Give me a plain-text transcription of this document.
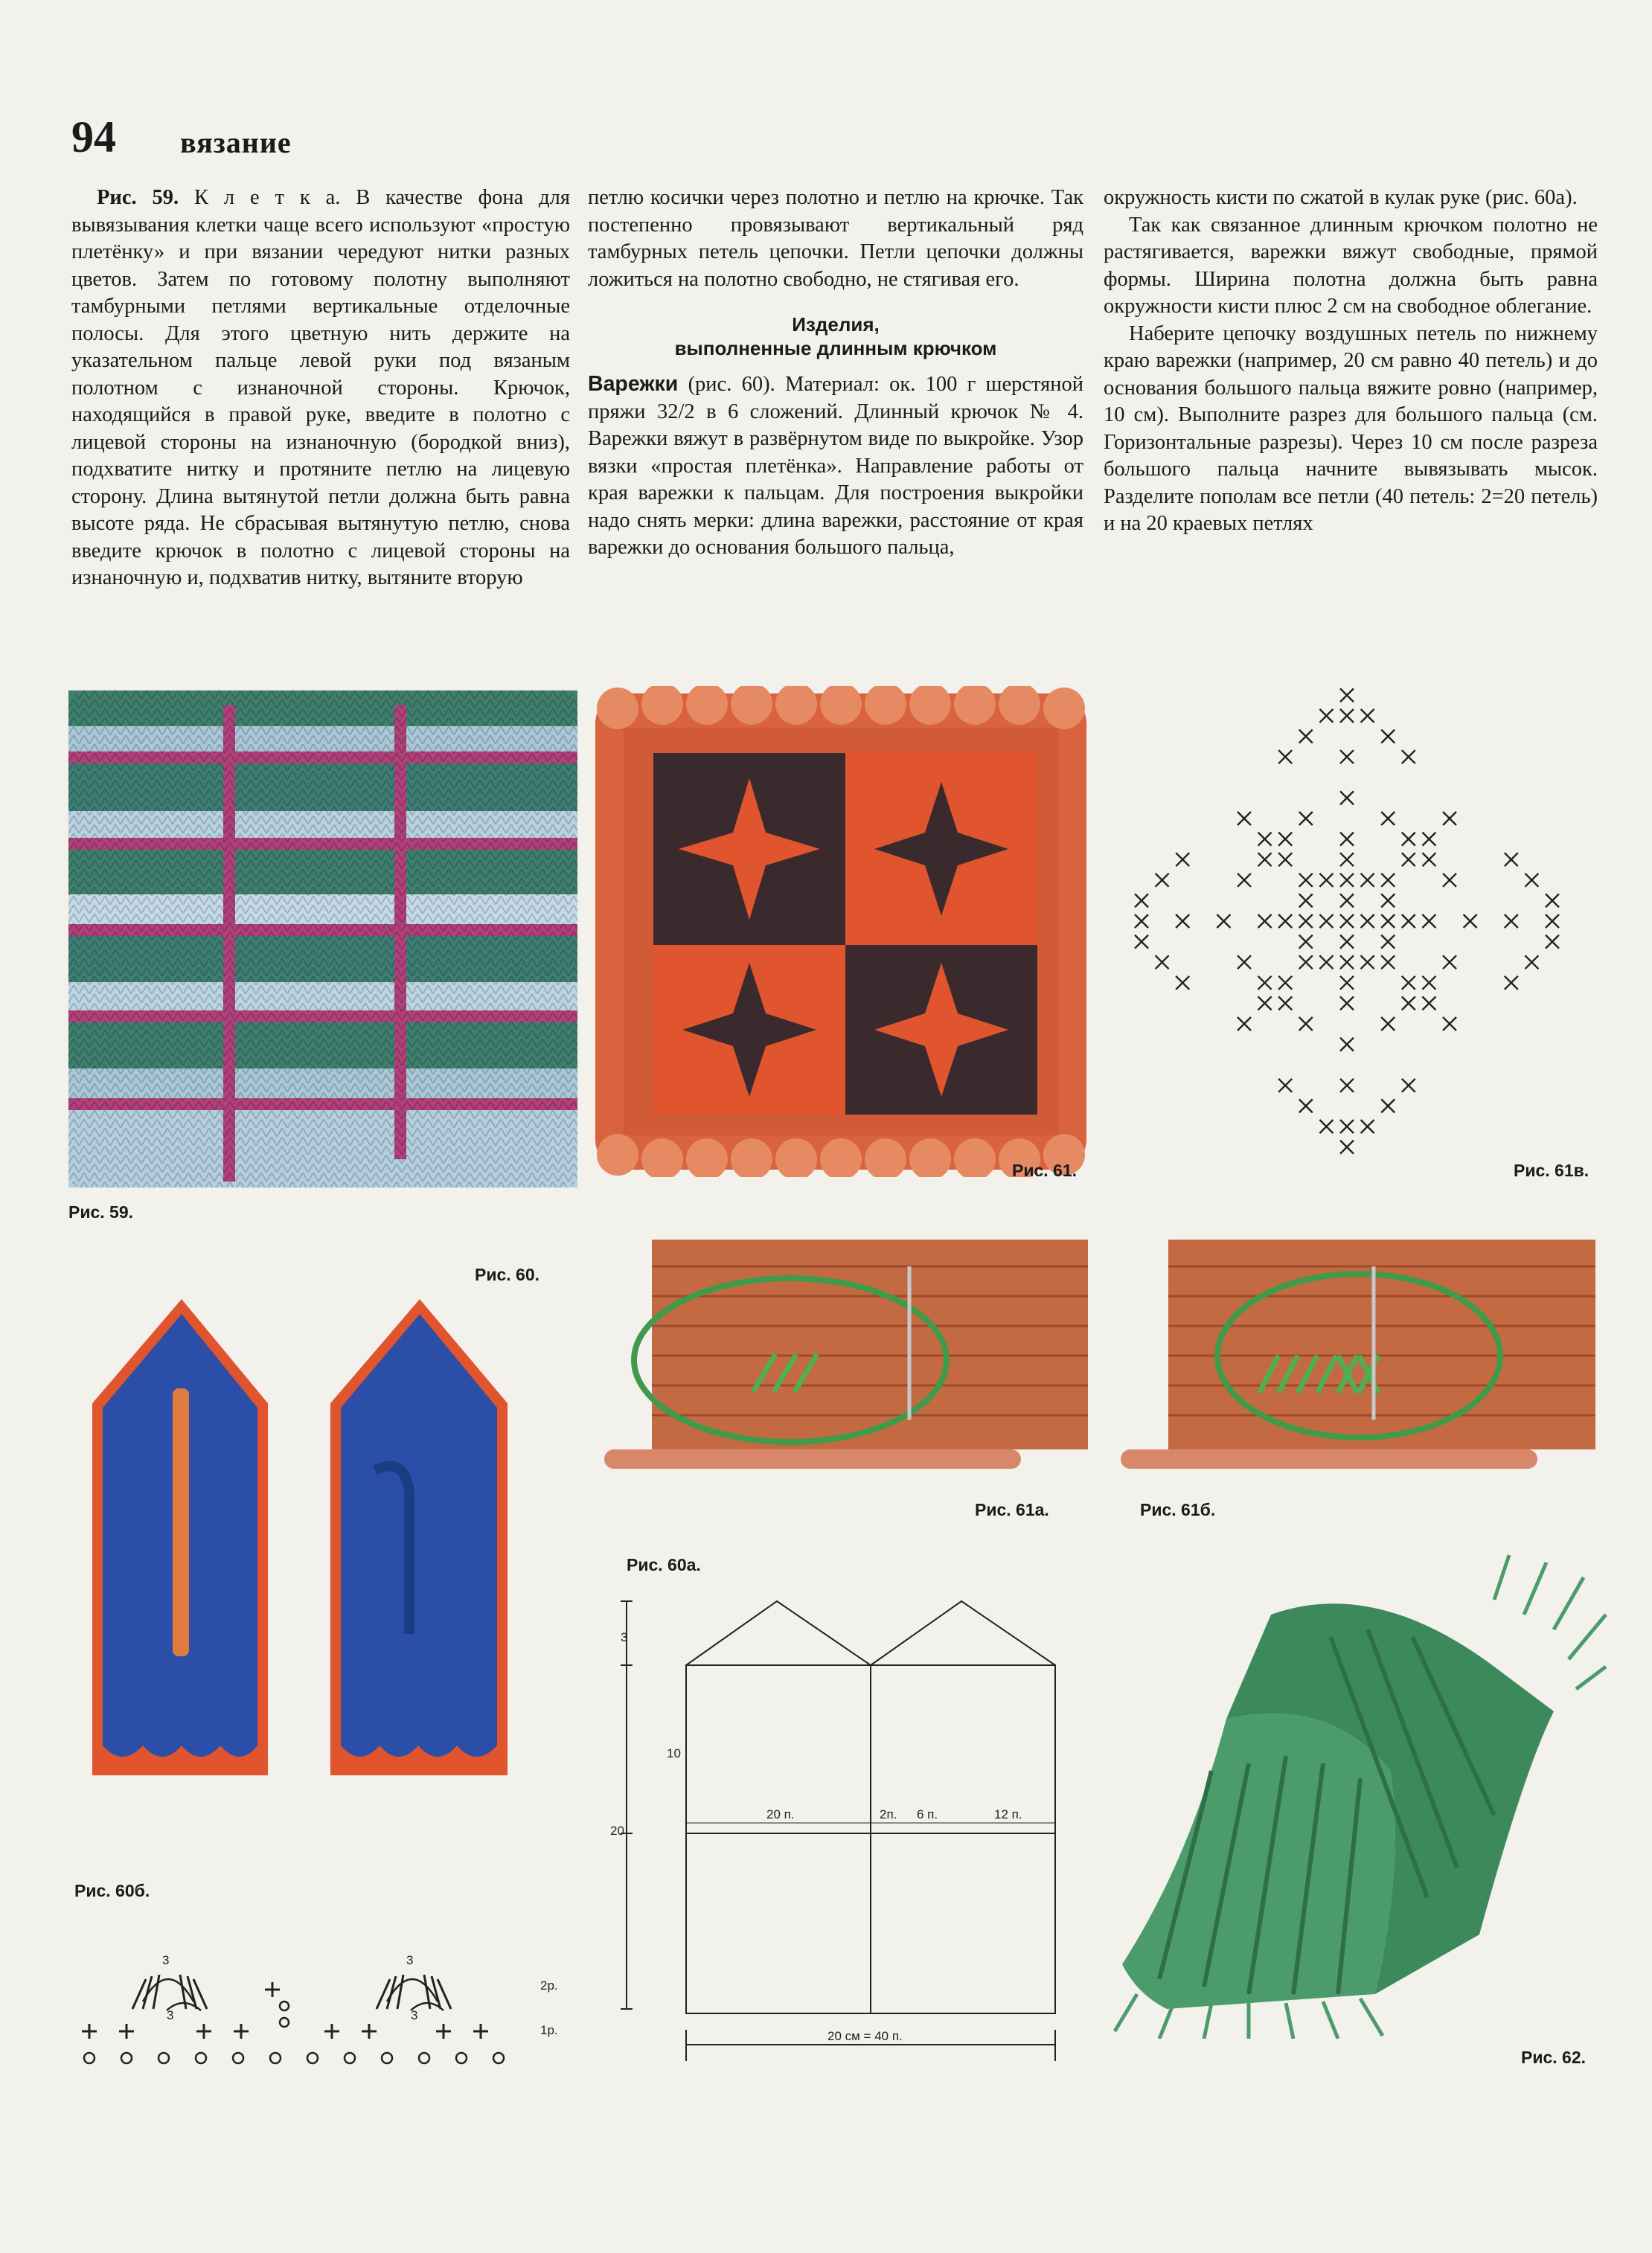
94 вязание

Рис. 59. К л е т к а. В качестве фона для вывязывания клетки чаще всего используют «простую плетёнку» и при вязании чередуют нитки разных цветов. Затем по готовому полотну выполняют тамбурными петлями вертикальные отделочные полосы. Для этого цветную нить держите на указательном пальце левой руки под вязаным полотном с изнаночной стороны. Крючок, находящийся в правой руке, введите в полотно с лицевой стороны на изнаночную (бородкой вниз), подхватите нитку и протяните петлю на лицевую сторону. Длина вытянутой петли должна быть равна высоте ряда. Не сбрасывая вытянутую петлю, снова введите крючок в полотно с лицевой стороны на изнаночную и, подхватив нитку, вытяните вторую

петлю косички через полотно и петлю на крючке. Так постепенно провязывают вертикальный ряд тамбурных петель цепочки. Петли цепочки должны ложиться на полотно свободно, не стягивая его.

Изделия,
выполненные длинным крючком

Варежки (рис. 60). Материал: ок. 100 г шерстяной пряжи 32/2 в 6 сложений. Длинный крючок № 4. Варежки вяжут в развёрнутом виде по выкройке. Узор вязки «простая плетёнка». Направление работы от края варежки к пальцам. Для построения выкройки надо снять мерки: длина варежки, расстояние от края варежки до основания большого пальца,

окружность кисти по сжатой в кулак руке (рис. 60а).

Так как связанное длинным крючком полотно не растягивается, варежки вяжут свободные, прямой формы. Ширина полотна должна быть равна окружности кисти плюс 2 см на свободное облегание.

Наберите цепочку воздушных петель по нижнему краю варежки (например, 20 см равно 40 петель) и до основания большого пальца вяжите ровно (например, 10 см). Выполните разрез для большого пальца (см. Горизонтальные разрезы). Через 10 см после разреза большого пальца начните вывязывать мысок. Разделите пополам все петли (40 петель: 2=20 петель) и на 20 краевых петлях

Рис. 59.
Рис. 61.	Рис. 61в.
Рис. 60.
Рис. 61а.	Рис. 61б.
Рис. 60а.
3
10
20
20 п.	2п. 6 п.	12 п.
20 см = 40 п.
Рис. 60б.
3	3
3	3
2р.
1р.
Рис. 62.
